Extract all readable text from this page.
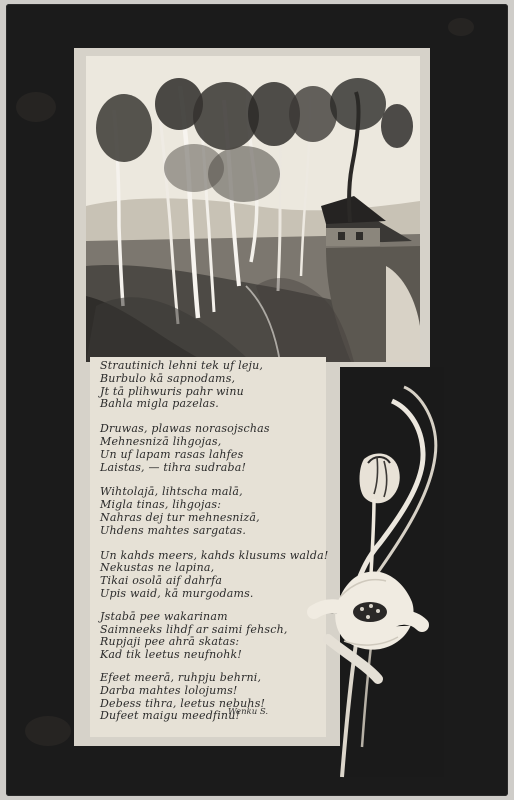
Strautinich lehni tek uf leju,
Burbulo kā sapnodams,
Jt tā plihwuris pahr winu
Bahla migla pazelas.
Druwas, plawas norasojschas
Mehnesnizā lihgojas,
Un uf lapam rasas lahfes
Laistas, — tihra sudraba!
Wihtolajā, lihtscha malā,
Migla tinas, lihgojas:
Nahras dej tur mehnesnizā,
Uhdens mahtes sargatas.
Un kahds meers, kahds klusums walda!
Nekustas ne lapina,
Tikai osolā aif dahrfa
Upis waid, kā murgodams.
Jstabā pee wakarinam
Saimneeks lihdf ar saimi fehsch,
Rupjaji pee ahrā skatas:
Kad tik leetus neufnohk!
Efeet meerā, ruhpju behrni,
Darba mahtes lolojums!
Debess tihra, leetus nebuhs!
Dufeet maigu meedfinu!
Wenku S.
